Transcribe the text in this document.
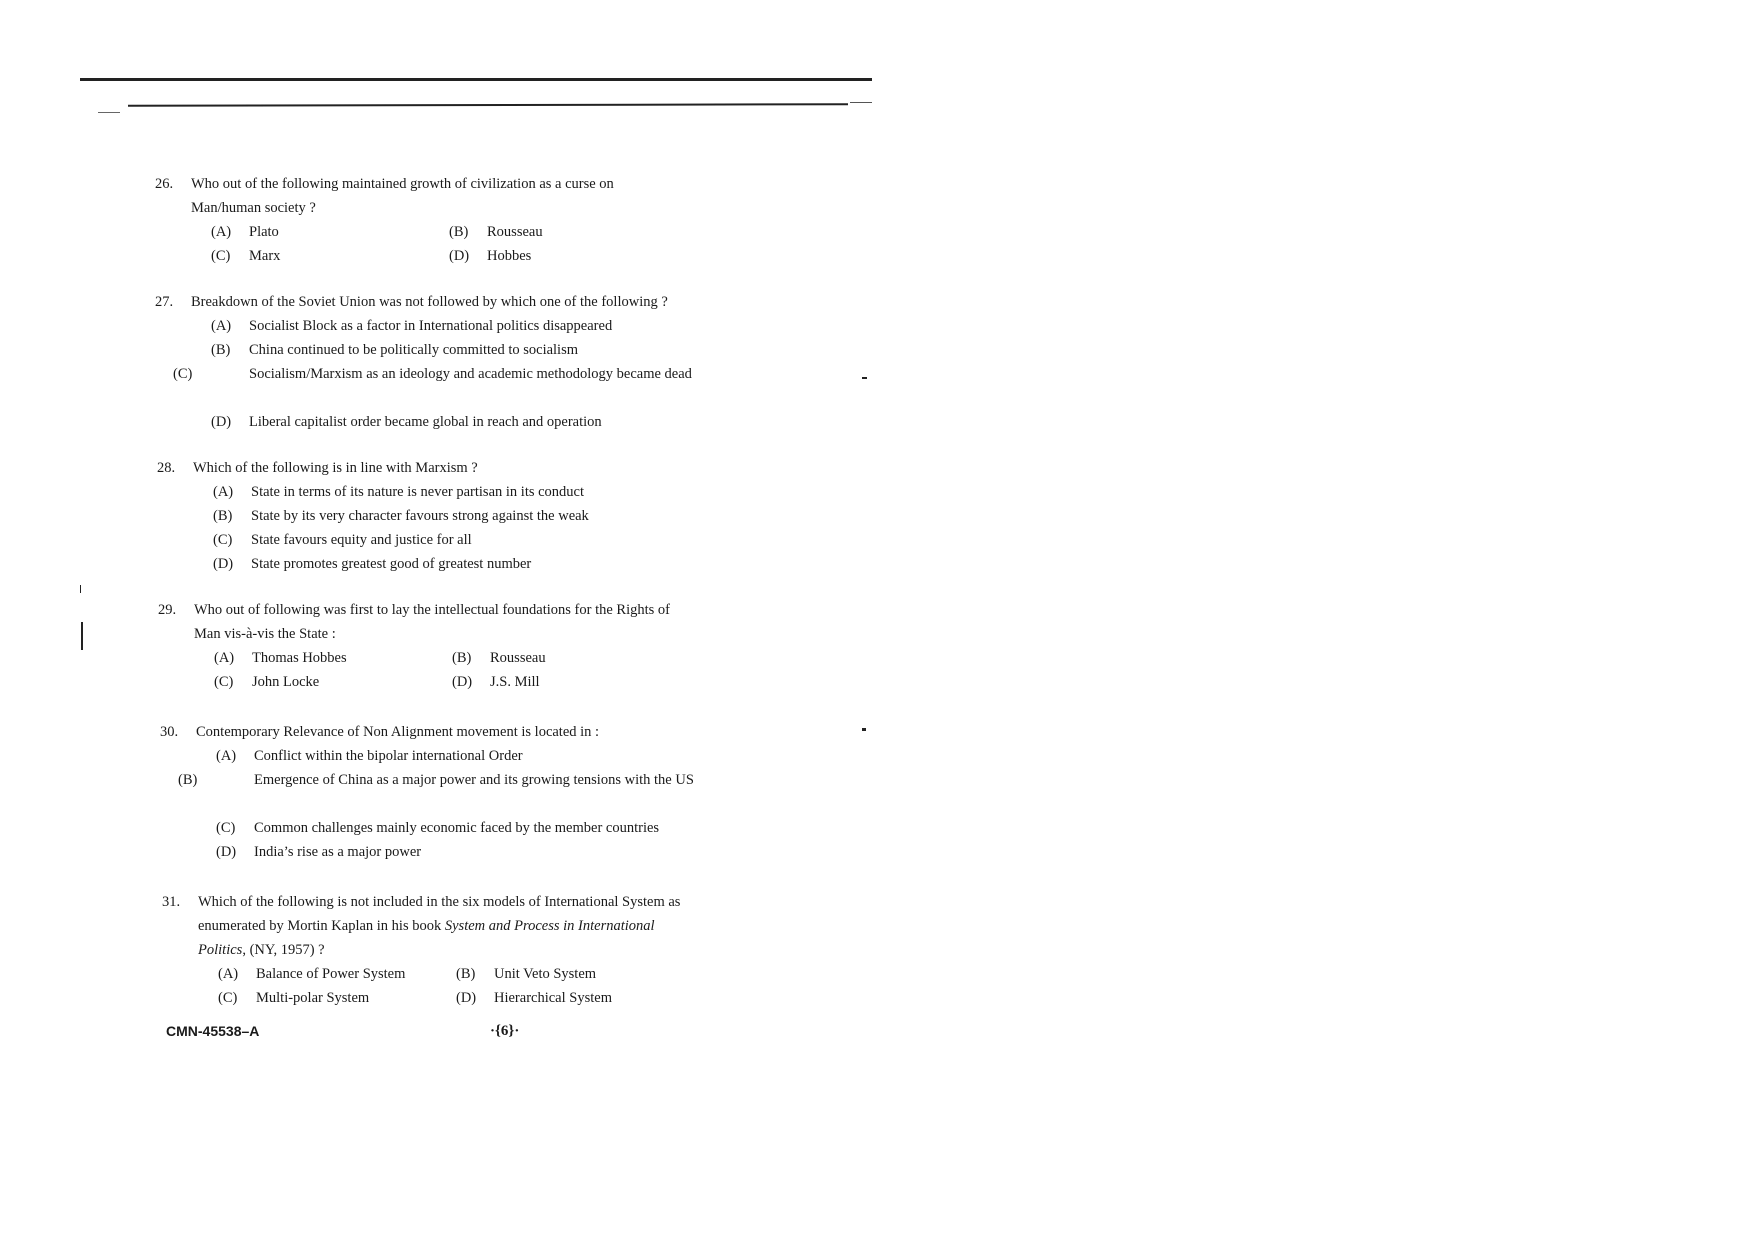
26. Who out of the following maintained growth of civilization as a curse on Man/human society ?
(A) Plato	(B) Rousseau
(C) Marx	(D) Hobbes
27. Breakdown of the Soviet Union was not followed by which one of the following ?
(A) Socialist Block as a factor in International politics disappeared
(B) China continued to be politically committed to socialism
(C)	Socialism/Marxism as an ideology and academic methodology became dead
(D) Liberal capitalist order became global in reach and operation
28. Which of the following is in line with Marxism ?
(A) State in terms of its nature is never partisan in its conduct
(B) State by its very character favours strong against the weak
(C) State favours equity and justice for all
(D) State promotes greatest good of greatest number
29. Who out of following was first to lay the intellectual foundations for the Rights of Man vis-à-vis the State :
(A) Thomas Hobbes	(B) Rousseau
(C) John Locke	(D) J.S. Mill
30. Contemporary Relevance of Non Alignment movement is located in :
(A) Conflict within the bipolar international Order
(B)	Emergence of China as a major power and its growing tensions with the US
(C) Common challenges mainly economic faced by the member countries
(D) India’s rise as a major power
31. Which of the following is not included in the six models of International System as enumerated by Mortin Kaplan in his book System and Process in International Politics, (NY, 1957) ?
(A) Balance of Power System	(B) Unit Veto System
(C) Multi-polar System	(D) Hierarchical System
CMN-45538–A	·{6}·
